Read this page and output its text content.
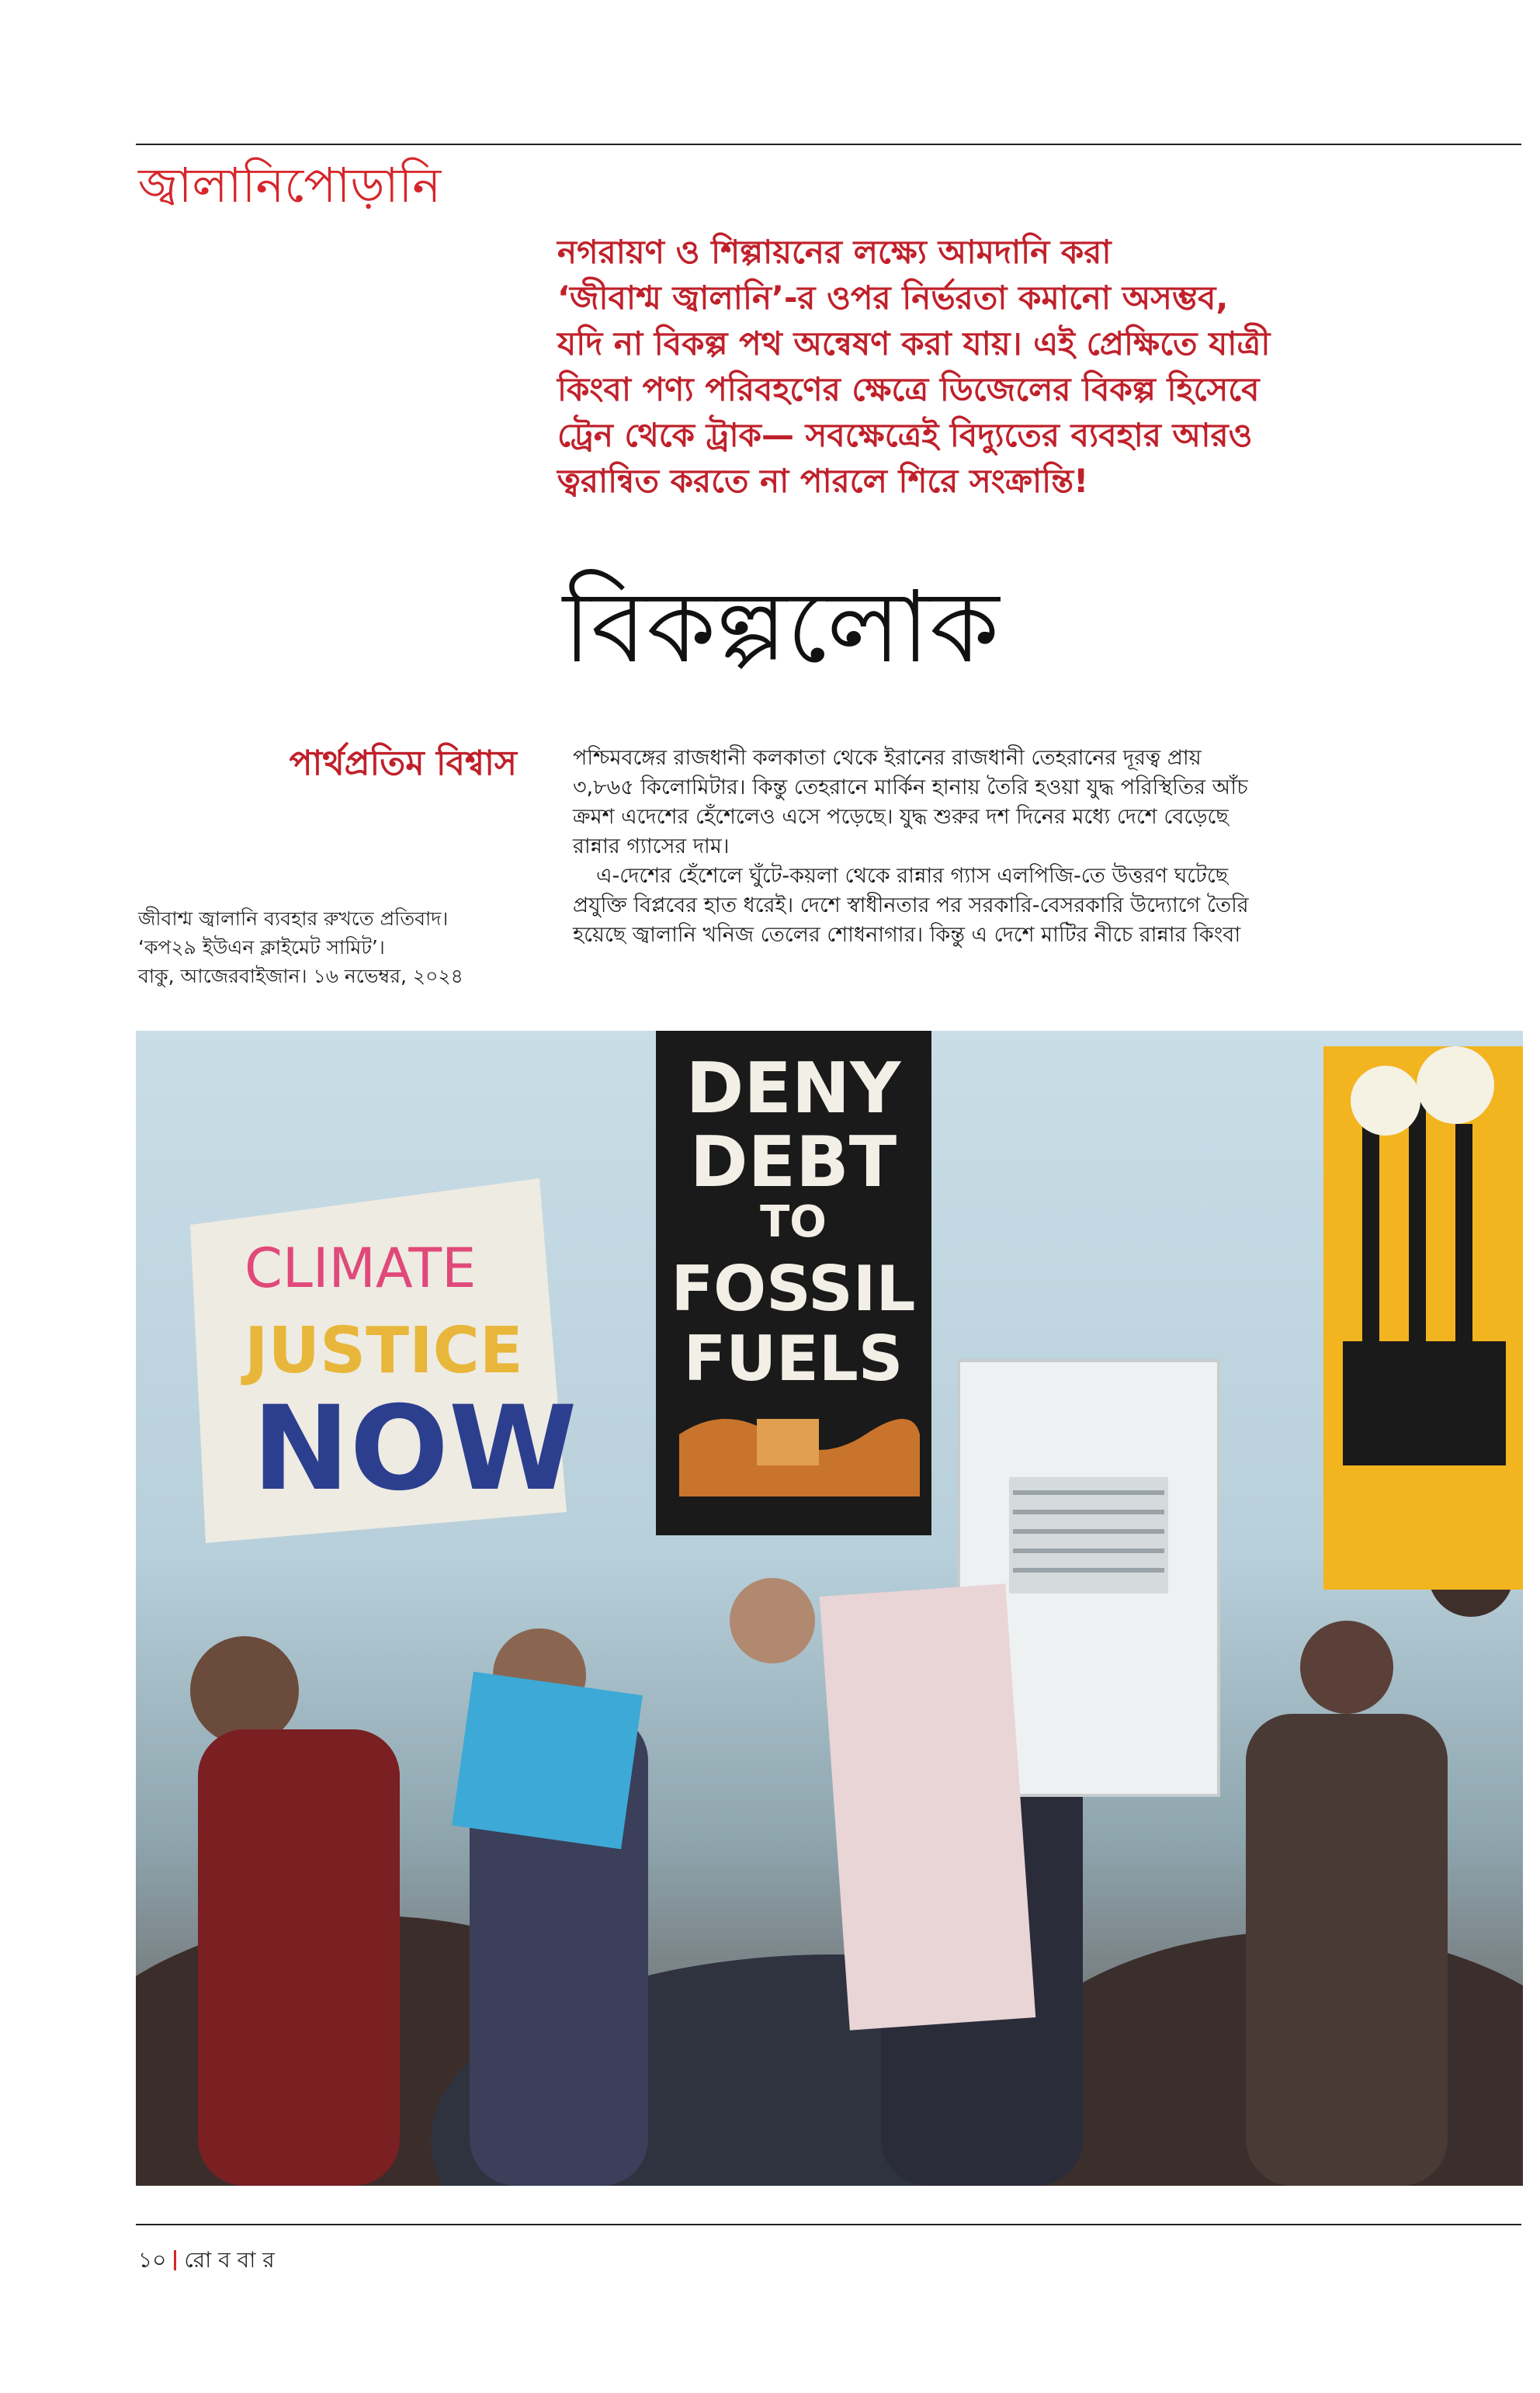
জ্বালানিপোড়ানি
নগরায়ণ ও শিল্পায়নের লক্ষ্যে আমদানি করা
‘জীবাশ্ম জ্বালানি’-র ওপর নির্ভরতা কমানো অসম্ভব,
যদি না বিকল্প পথ অন্বেষণ করা যায়। এই প্রেক্ষিতে যাত্রী
কিংবা পণ্য পরিবহণের ক্ষেত্রে ডিজেলের বিকল্প হিসেবে
ট্রেন থেকে ট্রাক— সবক্ষেত্রেই বিদ্যুতের ব্যবহার আরও
ত্বরান্বিত করতে না পারলে শিরে সংক্রান্তি!
বিকল্পলোক
পার্থপ্রতিম বিশ্বাস
জীবাশ্ম জ্বালানি ব্যবহার রুখতে প্রতিবাদ।
‘কপ২৯ ইউএন ক্লাইমেট সামিট’।
বাকু, আজেরবাইজান। ১৬ নভেম্বর, ২০২৪
পশ্চিমবঙ্গের রাজধানী কলকাতা থেকে ইরানের রাজধানী তেহরানের দূরত্ব প্রায়
৩,৮৬৫ কিলোমিটার। কিন্তু তেহরানে মার্কিন হানায় তৈরি হওয়া যুদ্ধ পরিস্থিতির আঁচ
ক্রমশ এদেশের হেঁশেলেও এসে পড়েছে। যুদ্ধ শুরুর দশ দিনের মধ্যে দেশে বেড়েছে
রান্নার গ্যাসের দাম।
এ-দেশের হেঁশেলে ঘুঁটে-কয়লা থেকে রান্নার গ্যাস এলপিজি-তে উত্তরণ ঘটেছে
প্রযুক্তি বিপ্লবের হাত ধরেই। দেশে স্বাধীনতার পর সরকারি-বেসরকারি উদ্যোগে তৈরি
হয়েছে জ্বালানি খনিজ তেলের শোধনাগার। কিন্তু এ দেশে মাটির নীচে রান্নার কিংবা
DENY
DEBT
TO
FOSSIL
FUELS
CLIMATE
JUSTICE
NOW
১০ রো ব বা র
